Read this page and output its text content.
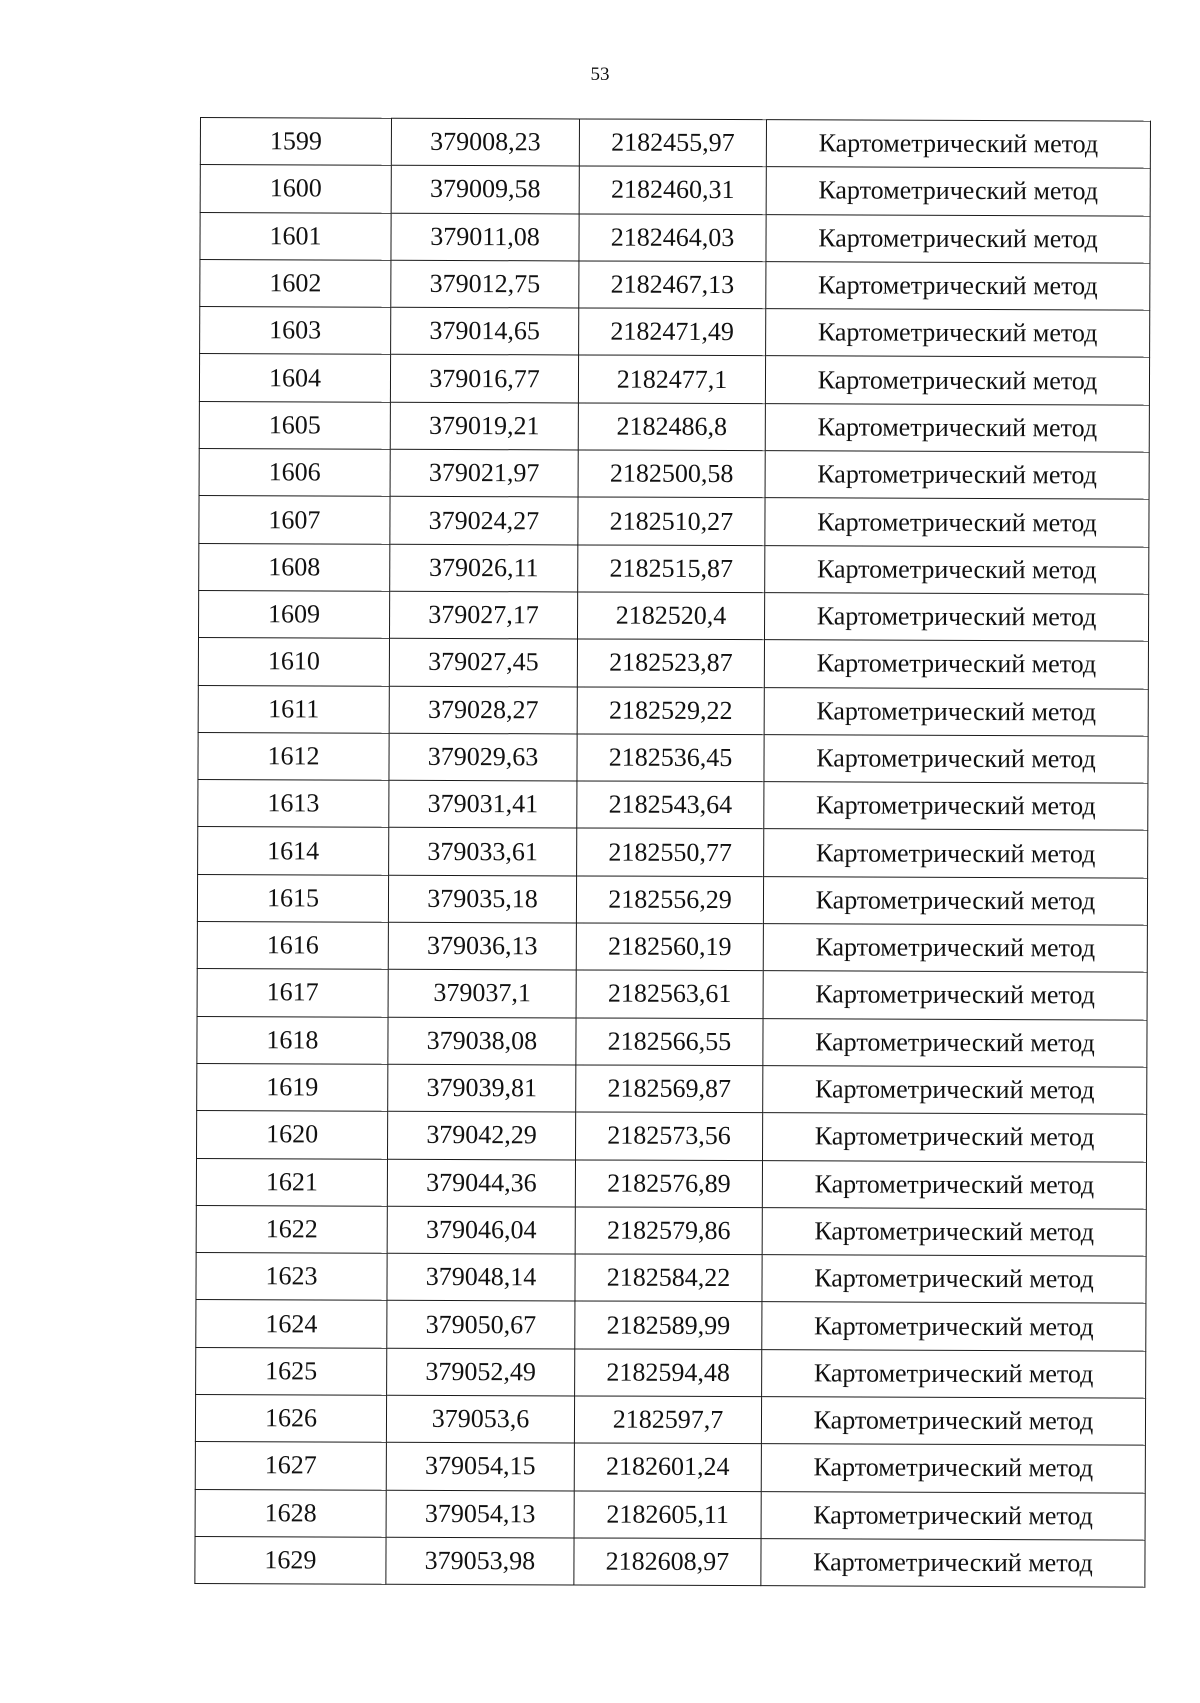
53
1599	379008,23	2182455,97	Картометрический метод
1600	379009,58	2182460,31	Картометрический метод
1601	379011,08	2182464,03	Картометрический метод
1602	379012,75	2182467,13	Картометрический метод
1603	379014,65	2182471,49	Картометрический метод
1604	379016,77	2182477,1	Картометрический метод
1605	379019,21	2182486,8	Картометрический метод
1606	379021,97	2182500,58	Картометрический метод
1607	379024,27	2182510,27	Картометрический метод
1608	379026,11	2182515,87	Картометрический метод
1609	379027,17	2182520,4	Картометрический метод
1610	379027,45	2182523,87	Картометрический метод
1611	379028,27	2182529,22	Картометрический метод
1612	379029,63	2182536,45	Картометрический метод
1613	379031,41	2182543,64	Картометрический метод
1614	379033,61	2182550,77	Картометрический метод
1615	379035,18	2182556,29	Картометрический метод
1616	379036,13	2182560,19	Картометрический метод
1617	379037,1	2182563,61	Картометрический метод
1618	379038,08	2182566,55	Картометрический метод
1619	379039,81	2182569,87	Картометрический метод
1620	379042,29	2182573,56	Картометрический метод
1621	379044,36	2182576,89	Картометрический метод
1622	379046,04	2182579,86	Картометрический метод
1623	379048,14	2182584,22	Картометрический метод
1624	379050,67	2182589,99	Картометрический метод
1625	379052,49	2182594,48	Картометрический метод
1626	379053,6	2182597,7	Картометрический метод
1627	379054,15	2182601,24	Картометрический метод
1628	379054,13	2182605,11	Картометрический метод
1629	379053,98	2182608,97	Картометрический метод
